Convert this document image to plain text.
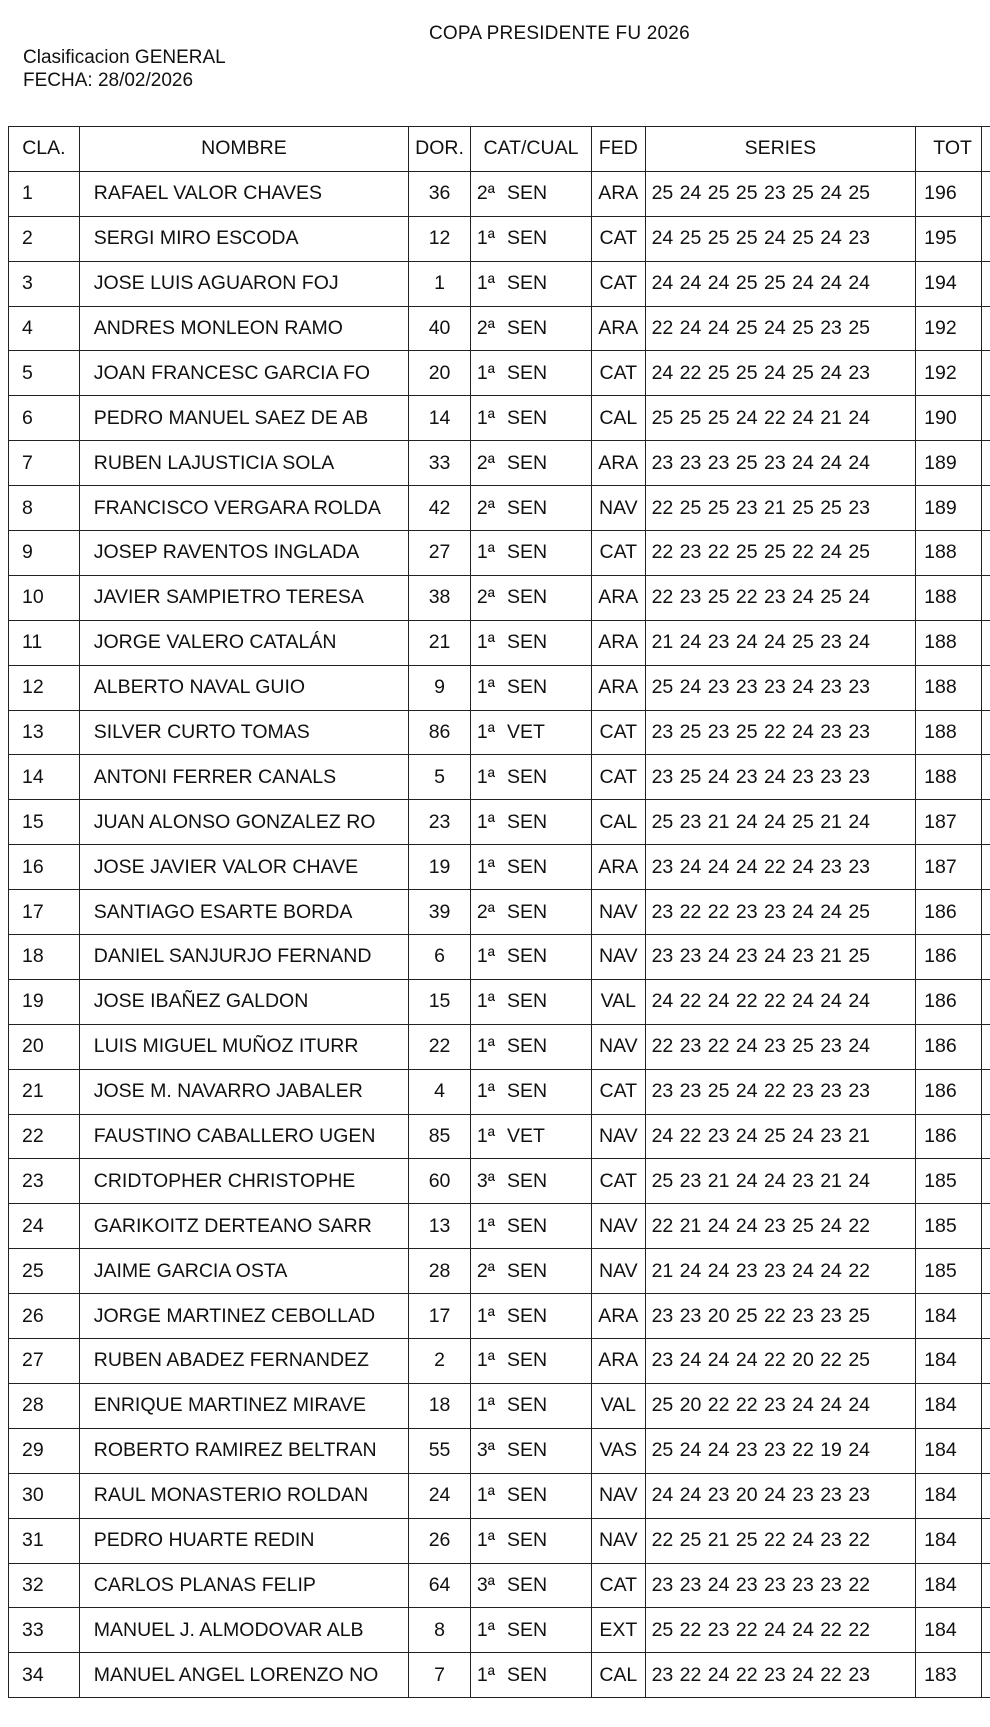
COPA PRESIDENTE FU 2026
Clasificacion GENERAL
FECHA: 28/02/2026
CLA.	NOMBRE	DOR.	CAT/CUAL	FED	SERIES	TOT	
1	RAFAEL VALOR CHAVES	36	2ª SEN	ARA	25 24 25 25 23 25 24 25	196	
2	SERGI MIRO ESCODA	12	1ª SEN	CAT	24 25 25 25 24 25 24 23	195	
3	JOSE LUIS AGUARON FOJ	1	1ª SEN	CAT	24 24 24 25 25 24 24 24	194	
4	ANDRES MONLEON RAMO	40	2ª SEN	ARA	22 24 24 25 24 25 23 25	192	
5	JOAN FRANCESC GARCIA FO	20	1ª SEN	CAT	24 22 25 25 24 25 24 23	192	
6	PEDRO MANUEL SAEZ DE AB	14	1ª SEN	CAL	25 25 25 24 22 24 21 24	190	
7	RUBEN LAJUSTICIA SOLA	33	2ª SEN	ARA	23 23 23 25 23 24 24 24	189	
8	FRANCISCO VERGARA ROLDA	42	2ª SEN	NAV	22 25 25 23 21 25 25 23	189	
9	JOSEP RAVENTOS INGLADA	27	1ª SEN	CAT	22 23 22 25 25 22 24 25	188	
10	JAVIER SAMPIETRO TERESA	38	2ª SEN	ARA	22 23 25 22 23 24 25 24	188	
11	JORGE VALERO CATALÁN	21	1ª SEN	ARA	21 24 23 24 24 25 23 24	188	
12	ALBERTO NAVAL GUIO	9	1ª SEN	ARA	25 24 23 23 23 24 23 23	188	
13	SILVER CURTO TOMAS	86	1ª VET	CAT	23 25 23 25 22 24 23 23	188	
14	ANTONI FERRER CANALS	5	1ª SEN	CAT	23 25 24 23 24 23 23 23	188	
15	JUAN ALONSO GONZALEZ RO	23	1ª SEN	CAL	25 23 21 24 24 25 21 24	187	
16	JOSE JAVIER VALOR CHAVE	19	1ª SEN	ARA	23 24 24 24 22 24 23 23	187	
17	SANTIAGO ESARTE BORDA	39	2ª SEN	NAV	23 22 22 23 23 24 24 25	186	
18	DANIEL SANJURJO FERNAND	6	1ª SEN	NAV	23 23 24 23 24 23 21 25	186	
19	JOSE IBAÑEZ GALDON	15	1ª SEN	VAL	24 22 24 22 22 24 24 24	186	
20	LUIS MIGUEL MUÑOZ ITURR	22	1ª SEN	NAV	22 23 22 24 23 25 23 24	186	
21	JOSE M. NAVARRO JABALER	4	1ª SEN	CAT	23 23 25 24 22 23 23 23	186	
22	FAUSTINO CABALLERO UGEN	85	1ª VET	NAV	24 22 23 24 25 24 23 21	186	
23	CRIDTOPHER CHRISTOPHE	60	3ª SEN	CAT	25 23 21 24 24 23 21 24	185	
24	GARIKOITZ DERTEANO SARR	13	1ª SEN	NAV	22 21 24 24 23 25 24 22	185	
25	JAIME GARCIA OSTA	28	2ª SEN	NAV	21 24 24 23 23 24 24 22	185	
26	JORGE MARTINEZ CEBOLLAD	17	1ª SEN	ARA	23 23 20 25 22 23 23 25	184	
27	RUBEN ABADEZ FERNANDEZ	2	1ª SEN	ARA	23 24 24 24 22 20 22 25	184	
28	ENRIQUE MARTINEZ MIRAVE	18	1ª SEN	VAL	25 20 22 22 23 24 24 24	184	
29	ROBERTO RAMIREZ BELTRAN	55	3ª SEN	VAS	25 24 24 23 23 22 19 24	184	
30	RAUL MONASTERIO ROLDAN	24	1ª SEN	NAV	24 24 23 20 24 23 23 23	184	
31	PEDRO HUARTE REDIN	26	1ª SEN	NAV	22 25 21 25 22 24 23 22	184	
32	CARLOS PLANAS FELIP	64	3ª SEN	CAT	23 23 24 23 23 23 23 22	184	
33	MANUEL J. ALMODOVAR ALB	8	1ª SEN	EXT	25 22 23 22 24 24 22 22	184	
34	MANUEL ANGEL LORENZO NO	7	1ª SEN	CAL	23 22 24 22 23 24 22 23	183	
